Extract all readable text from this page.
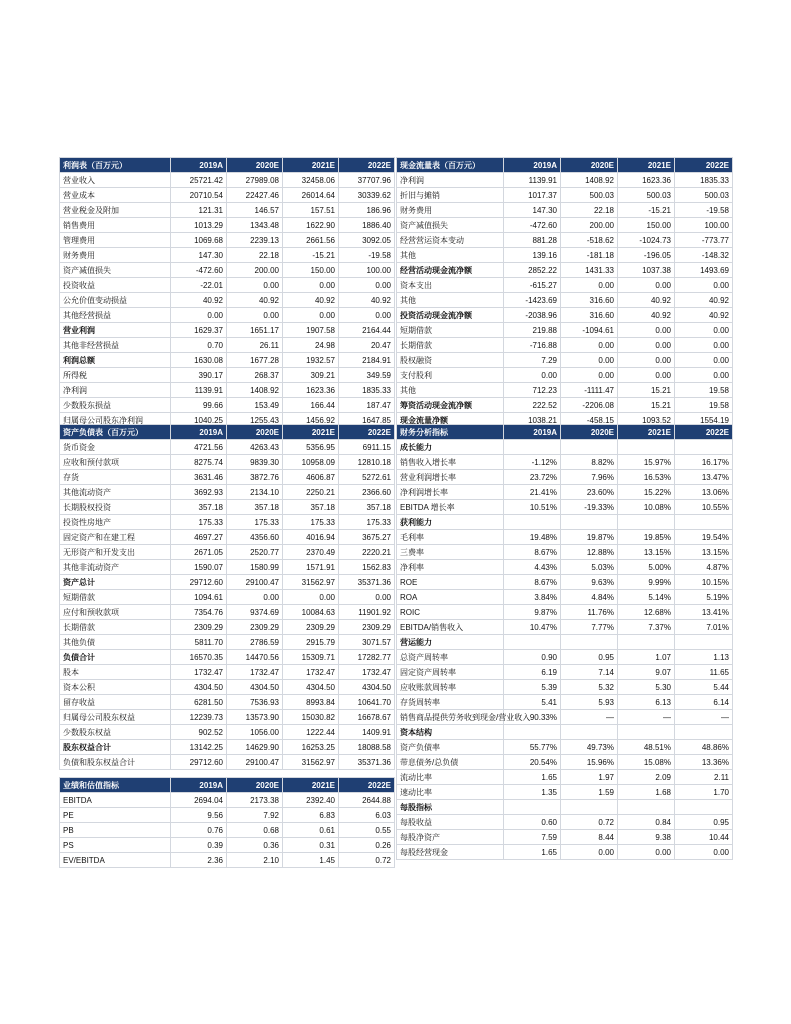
利润表（百万元）	2019A	2020E	2021E	2022E
营业收入	25721.42	27989.08	32458.06	37707.96
营业成本	20710.54	22427.46	26014.64	30339.62
营业税金及附加	121.31	146.57	157.51	186.96
销售费用	1013.29	1343.48	1622.90	1886.40
管理费用	1069.68	2239.13	2661.56	3092.05
财务费用	147.30	22.18	-15.21	-19.58
资产减值损失	-472.60	200.00	150.00	100.00
投资收益	-22.01	0.00	0.00	0.00
公允价值变动损益	40.92	40.92	40.92	40.92
其他经营损益	0.00	0.00	0.00	0.00
营业利润	1629.37	1651.17	1907.58	2164.44
其他非经营损益	0.70	26.11	24.98	20.47
利润总额	1630.08	1677.28	1932.57	2184.91
所得税	390.17	268.37	309.21	349.59
净利润	1139.91	1408.92	1623.36	1835.33
少数股东损益	99.66	153.49	166.44	187.47
归属母公司股东净利润	1040.25	1255.43	1456.92	1647.85
资产负债表（百万元）	2019A	2020E	2021E	2022E
货币资金	4721.56	4263.43	5356.95	6911.15
应收和预付款项	8275.74	9839.30	10958.09	12810.18
存货	3631.46	3872.76	4606.87	5272.61
其他流动资产	3692.93	2134.10	2250.21	2366.60
长期股权投资	357.18	357.18	357.18	357.18
投资性房地产	175.33	175.33	175.33	175.33
固定资产和在建工程	4697.27	4356.60	4016.94	3675.27
无形资产和开发支出	2671.05	2520.77	2370.49	2220.21
其他非流动资产	1590.07	1580.99	1571.91	1562.83
资产总计	29712.60	29100.47	31562.97	35371.36
短期借款	1094.61	0.00	0.00	0.00
应付和预收款项	7354.76	9374.69	10084.63	11901.92
长期借款	2309.29	2309.29	2309.29	2309.29
其他负债	5811.70	2786.59	2915.79	3071.57
负债合计	16570.35	14470.56	15309.71	17282.77
股本	1732.47	1732.47	1732.47	1732.47
资本公积	4304.50	4304.50	4304.50	4304.50
留存收益	6281.50	7536.93	8993.84	10641.70
归属母公司股东权益	12239.73	13573.90	15030.82	16678.67
少数股东权益	902.52	1056.00	1222.44	1409.91
股东权益合计	13142.25	14629.90	16253.25	18088.58
负债和股东权益合计	29712.60	29100.47	31562.97	35371.36
业绩和估值指标	2019A	2020E	2021E	2022E
EBITDA	2694.04	2173.38	2392.40	2644.88
PE	9.56	7.92	6.83	6.03
PB	0.76	0.68	0.61	0.55
PS	0.39	0.36	0.31	0.26
EV/EBITDA	2.36	2.10	1.45	0.72
现金流量表（百万元）	2019A	2020E	2021E	2022E
净利润	1139.91	1408.92	1623.36	1835.33
折旧与摊销	1017.37	500.03	500.03	500.03
财务费用	147.30	22.18	-15.21	-19.58
资产减值损失	-472.60	200.00	150.00	100.00
经营营运资本变动	881.28	-518.62	-1024.73	-773.77
其他	139.16	-181.18	-196.05	-148.32
经营活动现金流净额	2852.22	1431.33	1037.38	1493.69
资本支出	-615.27	0.00	0.00	0.00
其他	-1423.69	316.60	40.92	40.92
投资活动现金流净额	-2038.96	316.60	40.92	40.92
短期借款	219.88	-1094.61	0.00	0.00
长期借款	-716.88	0.00	0.00	0.00
股权融资	7.29	0.00	0.00	0.00
支付股利	0.00	0.00	0.00	0.00
其他	712.23	-1111.47	15.21	19.58
筹资活动现金流净额	222.52	-2206.08	15.21	19.58
现金流量净额	1038.21	-458.15	1093.52	1554.19
财务分析指标	2019A	2020E	2021E	2022E
成长能力				
销售收入增长率	-1.12%	8.82%	15.97%	16.17%
营业利润增长率	23.72%	7.96%	16.53%	13.47%
净利润增长率	21.41%	23.60%	15.22%	13.06%
EBITDA 增长率	10.51%	-19.33%	10.08%	10.55%
获利能力				
毛利率	19.48%	19.87%	19.85%	19.54%
三费率	8.67%	12.88%	13.15%	13.15%
净利率	4.43%	5.03%	5.00%	4.87%
ROE	8.67%	9.63%	9.99%	10.15%
ROA	3.84%	4.84%	5.14%	5.19%
ROIC	9.87%	11.76%	12.68%	13.41%
EBITDA/销售收入	10.47%	7.77%	7.37%	7.01%
营运能力				
总资产周转率	0.90	0.95	1.07	1.13
固定资产周转率	6.19	7.14	9.07	11.65
应收账款周转率	5.39	5.32	5.30	5.44
存货周转率	5.41	5.93	6.13	6.14
销售商品提供劳务收到现金/营业收入	90.33%	—	—	—
资本结构				
资产负债率	55.77%	49.73%	48.51%	48.86%
带息债务/总负债	20.54%	15.96%	15.08%	13.36%
流动比率	1.65	1.97	2.09	2.11
速动比率	1.35	1.59	1.68	1.70
每股指标				
每股收益	0.60	0.72	0.84	0.95
每股净资产	7.59	8.44	9.38	10.44
每股经营现金	1.65	0.00	0.00	0.00
